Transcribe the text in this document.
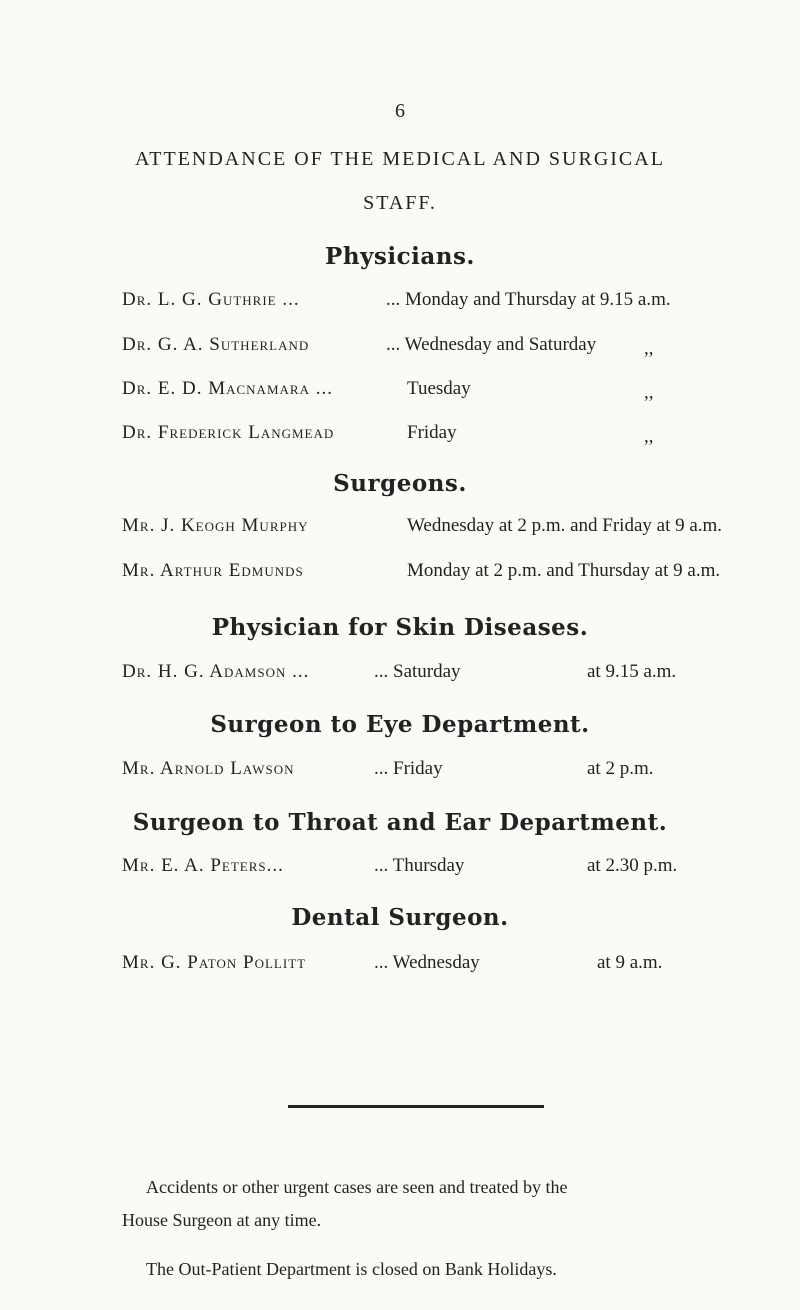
6
ATTENDANCE OF THE MEDICAL AND SURGICAL
STAFF.
Physicians.
Dr. L. G. Guthrie ...	... Monday and Thursday at 9.15 a.m.
Dr. G. A. Sutherland	... Wednesday and Saturday	,,
Dr. E. D. Macnamara ...	Tuesday	,,
Dr. Frederick Langmead	Friday	,,
Surgeons.
Mr. J. Keogh Murphy	Wednesday at 2 p.m. and Friday at 9 a.m.
Mr. Arthur Edmunds	Monday at 2 p.m. and Thursday at 9 a.m.
Physician for Skin Diseases.
Dr. H. G. Adamson ...	... Saturday	at 9.15 a.m.
Surgeon to Eye Department.
Mr. Arnold Lawson	... Friday	at 2 p.m.
Surgeon to Throat and Ear Department.
Mr. E. A. Peters...	... Thursday	at 2.30 p.m.
Dental Surgeon.
Mr. G. Paton Pollitt	... Wednesday	at 9 a.m.
Accidents or other urgent cases are seen and treated by the
House Surgeon at any time.
The Out-Patient Department is closed on Bank Holidays.
